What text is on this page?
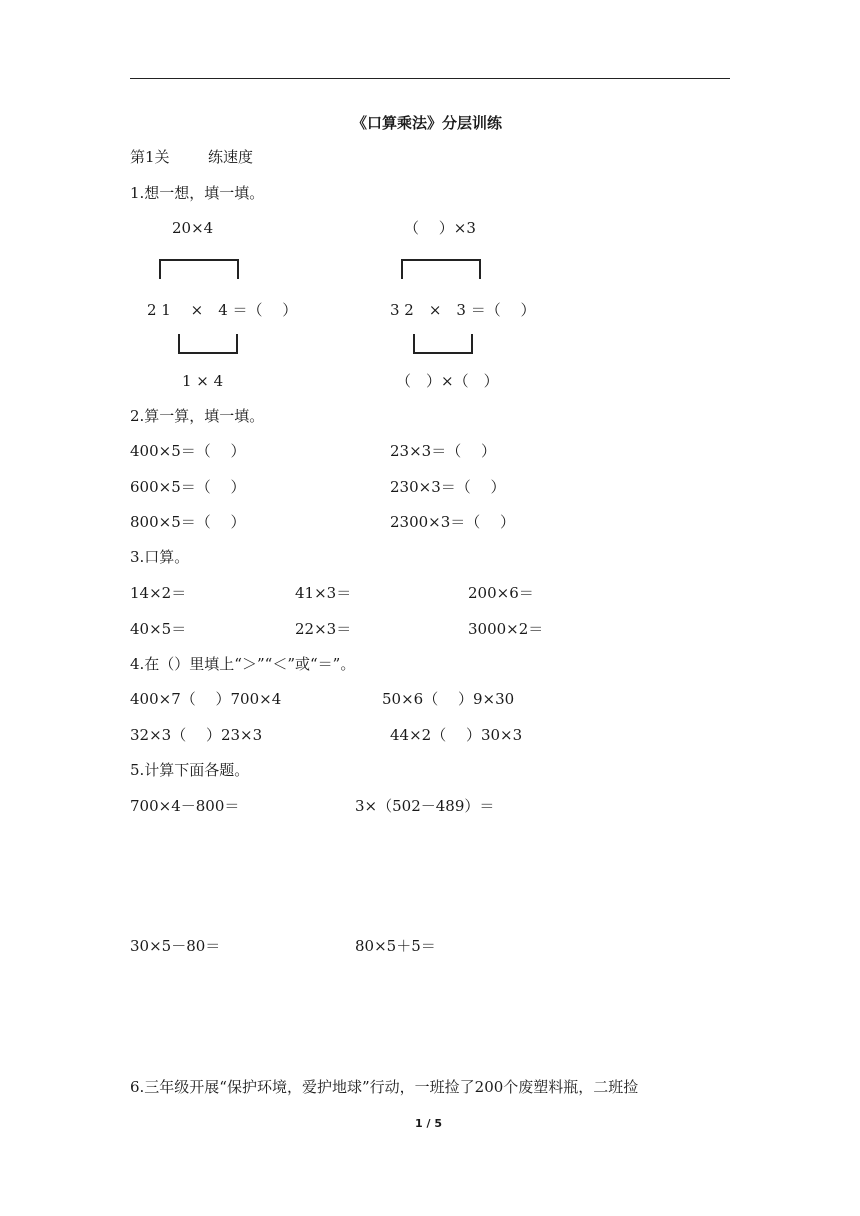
《口算乘法》分层训练
第1关	练速度
1.想一想，填一填。
20×4
2 1　 ×　4 ＝（　 ）
1 × 4
（　 ）×3
3 2　×　3 ＝（　 ）
（　）×（　）
2.算一算，填一填。
400×5＝（　 ）	23×3＝（　 ）
600×5＝（　 ）	230×3＝（　 ）
800×5＝（　 ）	2300×3＝（　 ）
3.口算。
14×2＝	41×3＝	200×6＝
40×5＝	22×3＝	3000×2＝
4.在（）里填上“＞”“＜”或“＝”。
400×7（　 ）700×4	50×6（　 ）9×30
32×3（　 ）23×3	44×2（　 ）30×3
5.计算下面各题。
700×4－800＝	3×（502－489）＝
30×5－80＝	80×5＋5＝
6.三年级开展“保护环境，爱护地球”行动，一班捡了200个废塑料瓶，二班捡
1 / 5
